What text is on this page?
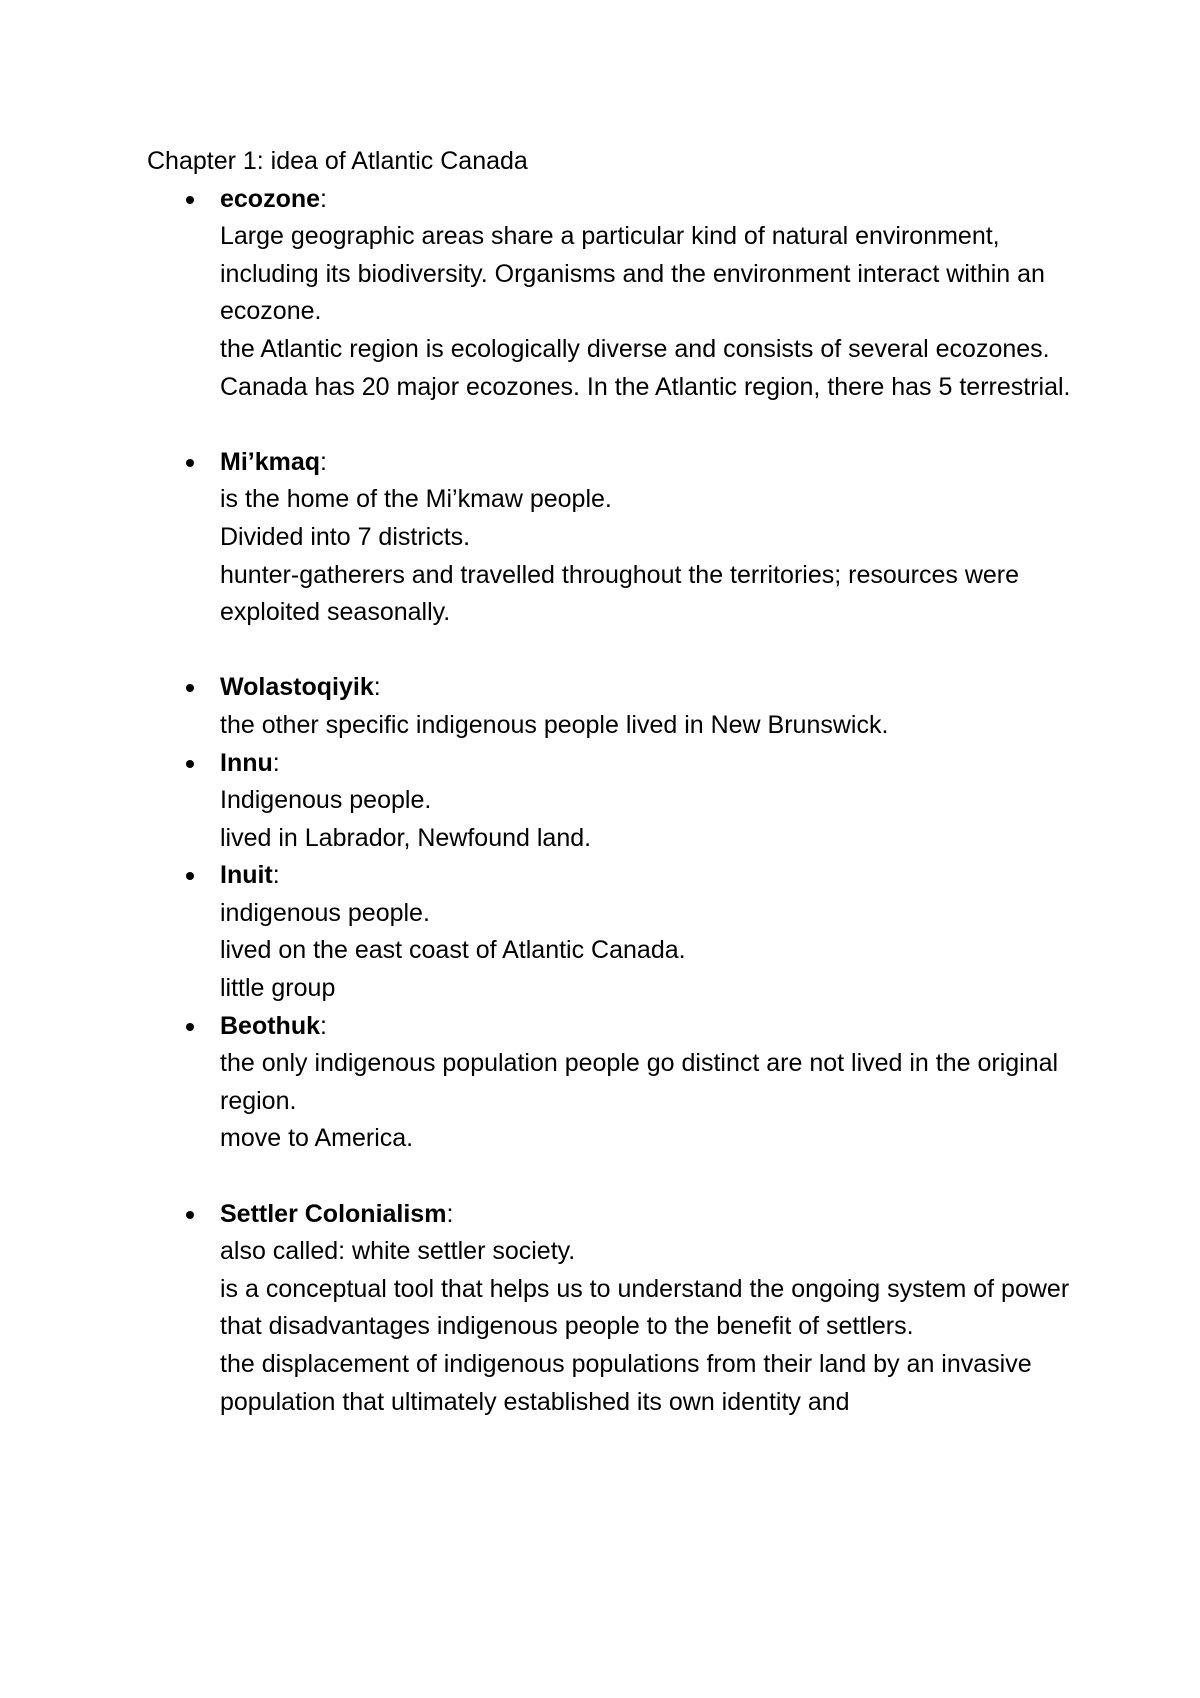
Chapter 1: idea of Atlantic Canada
ecozone:
Large geographic areas share a particular kind of natural environment, including its biodiversity. Organisms and the environment interact within an ecozone.
the Atlantic region is ecologically diverse and consists of several ecozones.
Canada has 20 major ecozones. In the Atlantic region, there has 5 terrestrial.
Mi’kmaq:
is the home of the Mi’kmaw people.
Divided into 7 districts.
hunter-gatherers and travelled throughout the territories; resources were exploited seasonally.
Wolastoqiyik:
the other specific indigenous people lived in New Brunswick.
Innu:
Indigenous people.
lived in Labrador, Newfound land.
Inuit:
indigenous people.
lived on the east coast of Atlantic Canada.
little group
Beothuk:
the only indigenous population people go distinct are not lived in the original region.
move to America.
Settler Colonialism:
also called: white settler society.
is a conceptual tool that helps us to understand the ongoing system of power that disadvantages indigenous people to the benefit of settlers.
the displacement of indigenous populations from their land by an invasive population that ultimately established its own identity and
